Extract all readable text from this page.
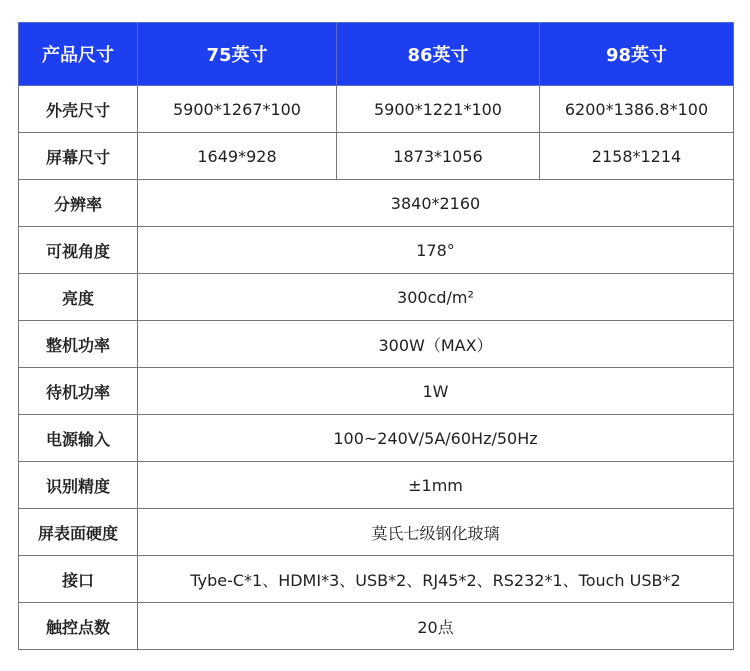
产品尺寸	75英寸	86英寸	98英寸
外壳尺寸	5900*1267*100	5900*1221*100	6200*1386.8*100
屏幕尺寸	1649*928	1873*1056	2158*1214
分辨率	3840*2160		
可视角度	178°		
亮度	300cd/m²		
整机功率	300W（MAX）		
待机功率	1W		
电源输入	100~240V/5A/60Hz/50Hz		
识别精度	±1mm		
屏表面硬度	莫氏七级钢化玻璃		
接口	Tybe-C*1、HDMI*3、USB*2、RJ45*2、RS232*1、Touch USB*2		
触控点数	20点		
